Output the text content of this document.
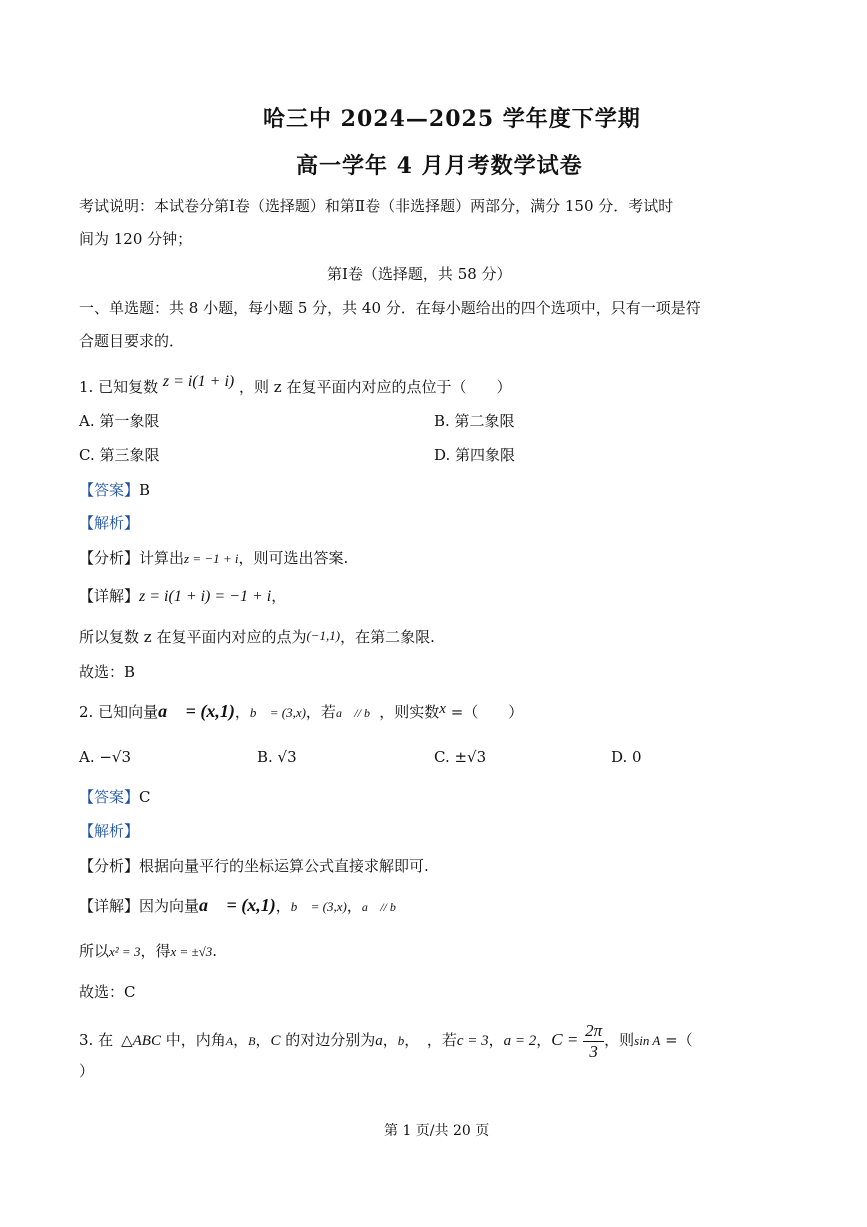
哈三中 2024—2025 学年度下学期
高一学年 4 月月考数学试卷
考试说明：本试卷分第Ⅰ卷（选择题）和第Ⅱ卷（非选择题）两部分，满分 150 分．考试时
间为 120 分钟；
第Ⅰ卷（选择题，共 58 分）
一、单选题：共 8 小题，每小题 5 分，共 40 分．在每小题给出的四个选项中，只有一项是符
合题目要求的．
1. 已知复数 z = i(1 + i) ，则 z 在复平面内对应的点位于（　　）
A. 第一象限	B. 第二象限
C. 第三象限	D. 第四象限
【答案】B
【解析】
【分析】计算出z = −1 + i，则可选出答案.
【详解】z = i(1 + i) = −1 + i，
所以复数 z 在复平面内对应的点为(−1,1)，在第二象限.
故选：B
2. 已知向量a⃗ = (x,1)，b⃗ = (3,x)，若a⃗ // b⃗，则实数x =（　　）
A. −√3	B. √3	C. ±√3	D. 0
【答案】C
【解析】
【分析】根据向量平行的坐标运算公式直接求解即可.
【详解】因为向量a⃗ = (x,1)，b⃗ = (3,x)，a⃗ // b⃗
所以x² = 3，得x = ±√3.
故选：C
3. 在 △ABC 中，内角A，B，C 的对边分别为a，b，　 ，若c = 3，a = 2，$C = \frac{2\pi}{3}$ ，则sin A =（
）
第 1 页/共 20 页
